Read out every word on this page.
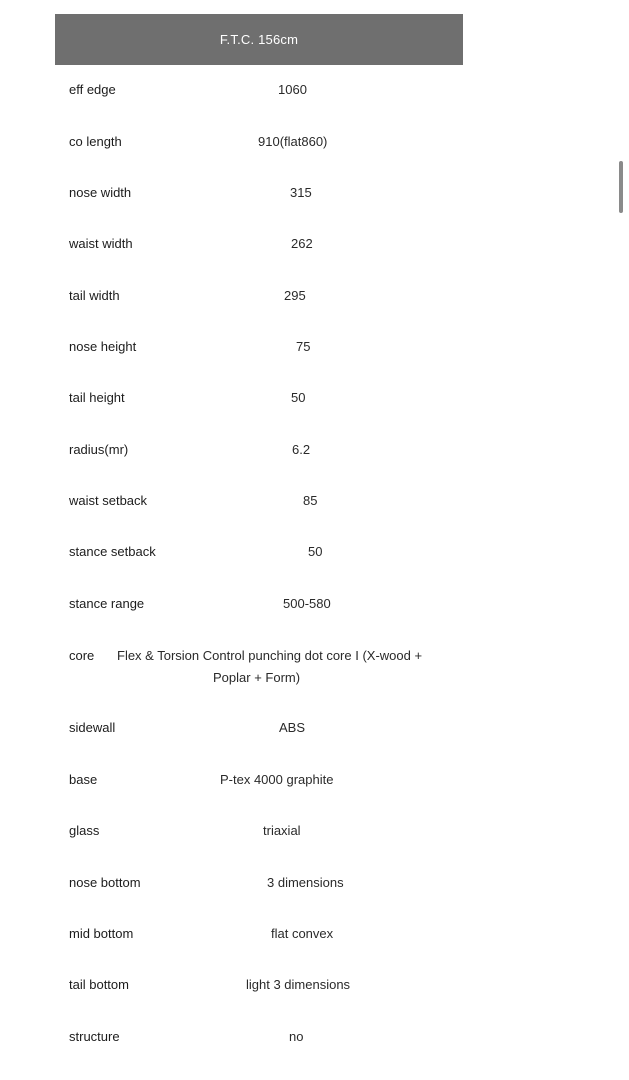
F.T.C. 156cm
eff edge	1060
co length	910(flat860)
nose width	315
waist width	262
tail width	295
nose height	75
tail height	50
radius(mr)	6.2
waist setback	85
stance setback	50
stance range	500-580
core Flex & Torsion Control punching dot core I (X-wood +
Poplar + Form)
sidewall	ABS
base	P-tex 4000 graphite
glass	triaxial
nose bottom	3 dimensions
mid bottom	flat convex
tail bottom	light 3 dimensions
structure	no
